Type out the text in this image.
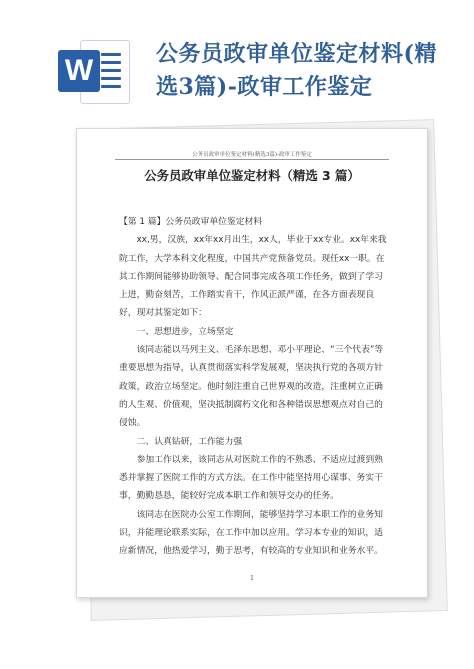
W	公务员政审单位鉴定材料(精选3篇)-政审工作鉴定
公务员政审单位鉴定材料(精选3篇)-政审工作鉴定
公务员政审单位鉴定材料（精选 3 篇）

【第 1 篇】公务员政审单位鉴定材料

xx,男，汉族，xx年xx月出生，xx人，毕业于xx专业。xx年来我院工作，大学本科文化程度，中国共产党预备党员。现任xx一职。在其工作期间能够协助领导、配合同事完成各项工作任务，做到了学习上进，勤奋刻苦，工作踏实肯干，作风正派严谨，在各方面表现良好，现对其鉴定如下：

一、思想进步，立场坚定

该同志能以马列主义、毛泽东思想、邓小平理论、“三个代表”等重要思想为指导，认真贯彻落实科学发展观，坚决执行党的各项方针政策，政治立场坚定。他时刻注重自己世界观的改造，注重树立正确的人生观、价值观，坚决抵制腐朽文化和各种错误思想观点对自己的侵蚀。

二、认真钻研，工作能力强

参加工作以来，该同志从对医院工作的不熟悉、不适应过渡到熟悉并掌握了医院工作的方式方法。在工作中能坚持用心谋事、务实干事，勤勤恳恳，能较好完成本职工作和领导交办的任务。

该同志在医院办公室工作期间，能够坚持学习本职工作的业务知识，并能理论联系实际，在工作中加以应用。学习本专业的知识，适应新情况，他热爱学习，勤于思考，有较高的专业知识和业务水平。

1
